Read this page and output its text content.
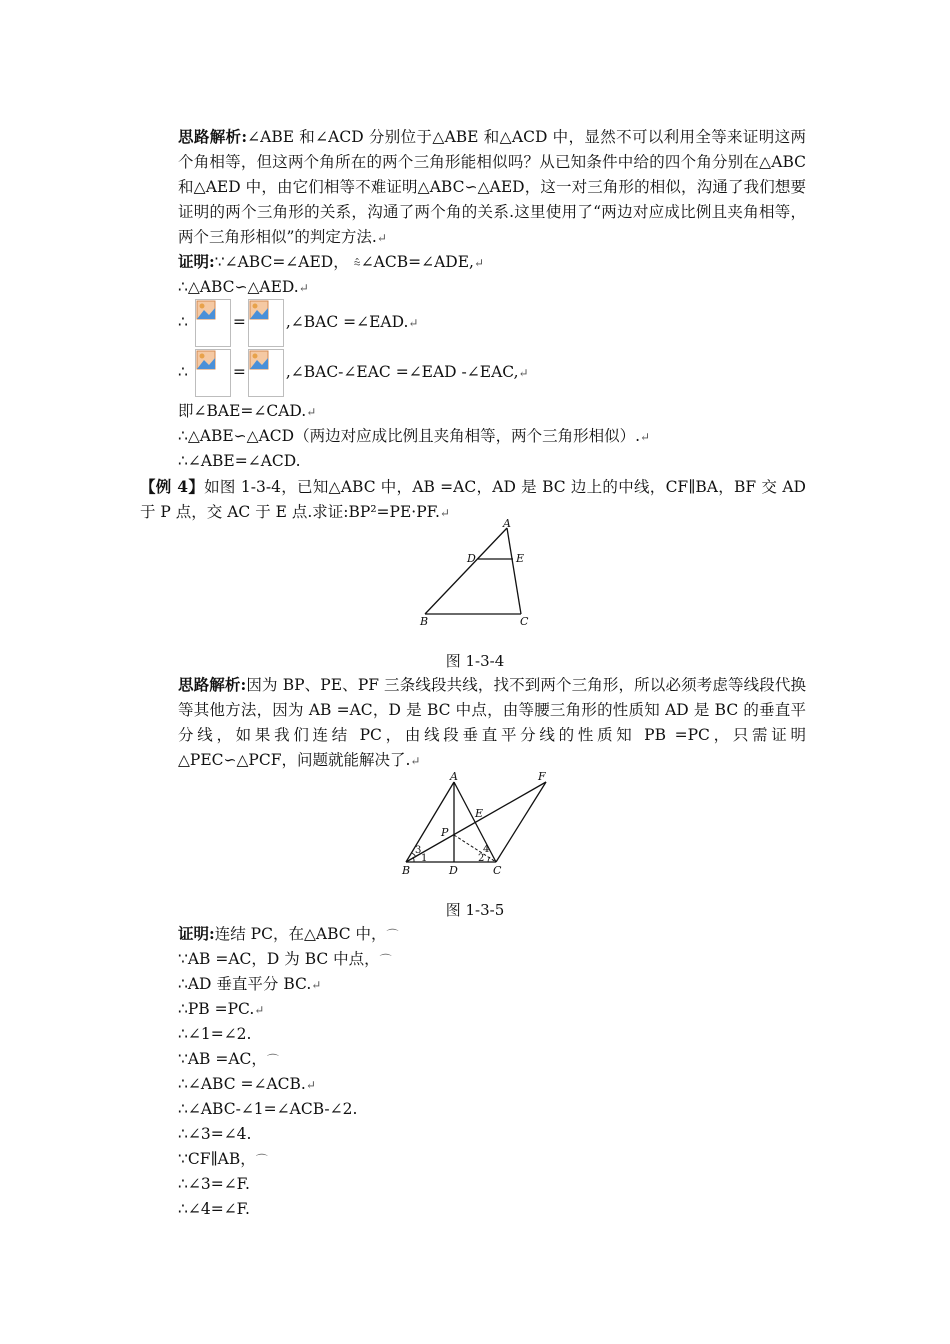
思路解析:∠ABE 和∠ACD 分别位于△ABE 和△ACD 中，显然不可以利用全等来证明这两个角相等，但这两个角所在的两个三角形能相似吗？从已知条件中给的四个角分别在△ABC 和△AED 中，由它们相等不难证明△ABC∽△AED，这一对三角形的相似，沟通了我们想要证明的两个三角形的关系，沟通了两个角的关系.这里使用了“两边对应成比例且夹角相等，两个三角形相似”的判定方法.↵
证明:∵∠ABC=∠AED， ⩯∠ACB=∠ADE,↵
∴△ABC∽△AED.↵
∴	=	,∠BAC =∠EAD.↵
∴	=	,∠BAC-∠EAC =∠EAD -∠EAC,↵
即∠BAE=∠CAD.↵
∴△ABE∽△ACD（两边对应成比例且夹角相等，两个三角形相似）.↵
∴∠ABE=∠ACD.
【例 4】如图 1-3-4，已知△ABC 中，AB =AC，AD 是 BC 边上的中线，CF∥BA，BF 交 AD 于 P 点，交 AC 于 E 点.求证:BP²=PE·PF.↵
A
D	E
B	C
图 1-3-4
思路解析:因为 BP、PE、PF 三条线段共线，找不到两个三角形，所以必须考虑等线段代换等其他方法，因为 AB =AC，D 是 BC 中点，由等腰三角形的性质知 AD 是 BC 的垂直平分线，如果我们连结 PC，由线段垂直平分线的性质知 PB =PC，只需证明△PEC∽△PCF，问题就能解决了.↵
A	F
E
P
B	D	C
1
3
2
4
图 1-3-5
证明:连结 PC，在△ABC 中，⌒
∵AB =AC，D 为 BC 中点，⌒
∴AD 垂直平分 BC.↵
∴PB =PC.↵
∴∠1=∠2.
∵AB =AC，⌒
∴∠ABC =∠ACB.↵
∴∠ABC-∠1=∠ACB-∠2.
∴∠3=∠4.
∵CF∥AB，⌒
∴∠3=∠F.
∴∠4=∠F.
